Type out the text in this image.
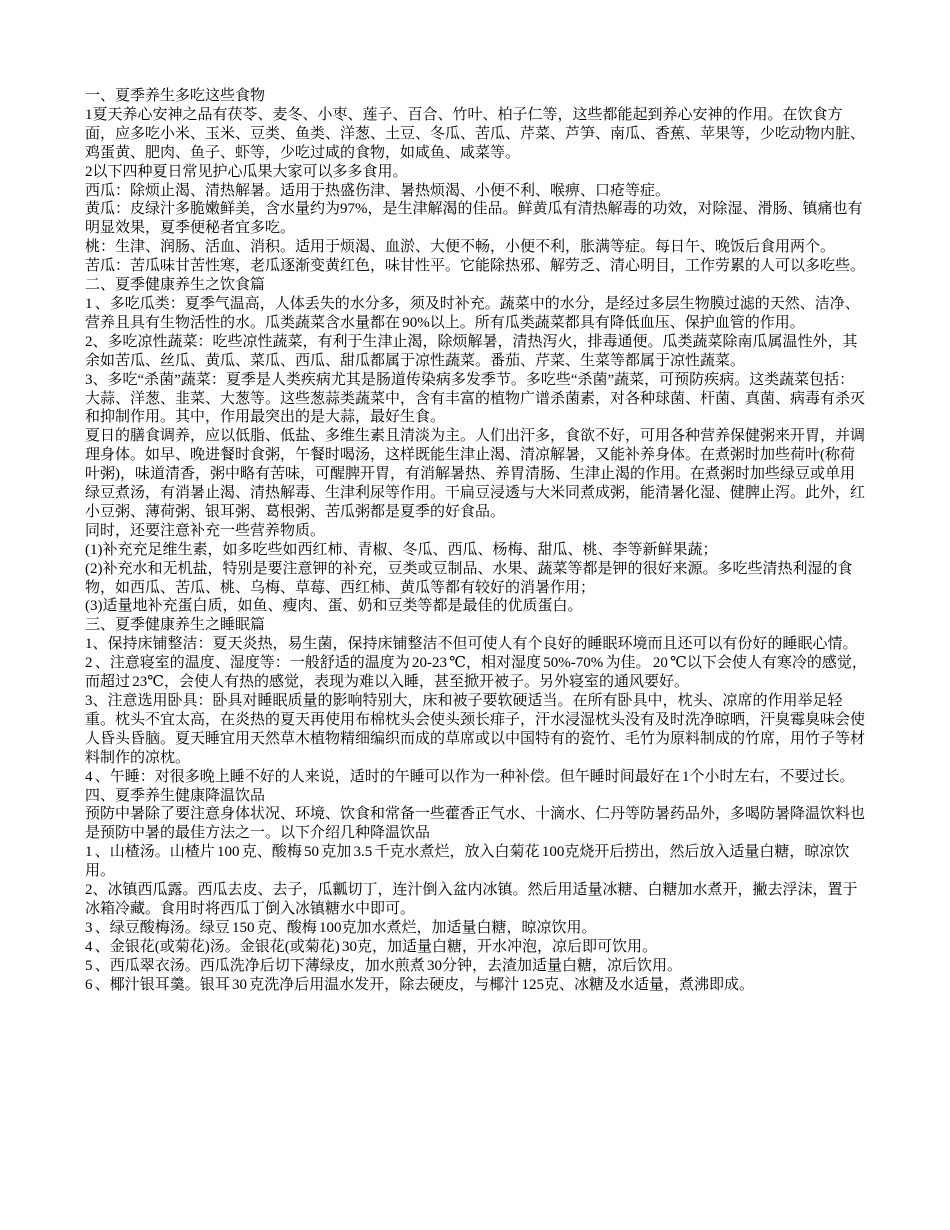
一、夏季养生多吃这些食物

1夏天养心安神之品有茯苓、麦冬、小枣、莲子、百合、竹叶、柏子仁等，这些都能起到养心安神的作用。在饮食方面，应多吃小米、玉米、豆类、鱼类、洋葱、土豆、冬瓜、苦瓜、芹菜、芦笋、南瓜、香蕉、苹果等，少吃动物内脏、鸡蛋黄、肥肉、鱼子、虾等，少吃过咸的食物，如咸鱼、咸菜等。

2以下四种夏日常见护心瓜果大家可以多多食用。

西瓜：除烦止渴、清热解暑。适用于热盛伤津、暑热烦渴、小便不利、喉痹、口疮等症。

黄瓜：皮绿汁多脆嫩鲜美，含水量约为97%，是生津解渴的佳品。鲜黄瓜有清热解毒的功效，对除湿、滑肠、镇痛也有明显效果，夏季便秘者宜多吃。

桃：生津、润肠、活血、消积。适用于烦渴、血淤、大便不畅，小便不利，胀满等症。每日午、晚饭后食用两个。

苦瓜：苦瓜味甘苦性寒，老瓜逐渐变黄红色，味甘性平。它能除热邪、解劳乏、清心明目，工作劳累的人可以多吃些。

二、夏季健康养生之饮食篇

1 、多吃瓜类：夏季气温高，人体丢失的水分多，须及时补充。蔬菜中的水分，是经过多层生物膜过滤的天然、洁净、营养且具有生物活性的水。瓜类蔬菜含水量都在 90%以上。所有瓜类蔬菜都具有降低血压、保护血管的作用。

2、多吃凉性蔬菜：吃些凉性蔬菜，有利于生津止渴，除烦解暑，清热泻火，排毒通便。瓜类蔬菜除南瓜属温性外，其余如苦瓜、丝瓜、黄瓜、菜瓜、西瓜、甜瓜都属于凉性蔬菜。番茄、芹菜、生菜等都属于凉性蔬菜。

3、多吃“杀菌”蔬菜：夏季是人类疾病尤其是肠道传染病多发季节。多吃些“杀菌”蔬菜，可预防疾病。这类蔬菜包括：大蒜、洋葱、韭菜、大葱等。这些葱蒜类蔬菜中，含有丰富的植物广谱杀菌素，对各种球菌、杆菌、真菌、病毒有杀灭和抑制作用。其中，作用最突出的是大蒜，最好生食。

夏日的膳食调养，应以低脂、低盐、多维生素且清淡为主。人们出汗多，食欲不好，可用各种营养保健粥来开胃，并调理身体。如早、晚进餐时食粥，午餐时喝汤，这样既能生津止渴、清凉解暑，又能补养身体。在煮粥时加些荷叶(称荷叶粥)，味道清香，粥中略有苦味，可醒脾开胃，有消解暑热、养胃清肠、生津止渴的作用。在煮粥时加些绿豆或单用绿豆煮汤，有消暑止渴、清热解毒、生津利尿等作用。干扁豆浸透与大米同煮成粥，能清暑化湿、健脾止泻。此外，红小豆粥、薄荷粥、银耳粥、葛根粥、苦瓜粥都是夏季的好食品。

同时，还要注意补充一些营养物质。

(1)补充充足维生素，如多吃些如西红柿、青椒、冬瓜、西瓜、杨梅、甜瓜、桃、李等新鲜果蔬；

(2)补充水和无机盐，特别是要注意钾的补充，豆类或豆制品、水果、蔬菜等都是钾的很好来源。多吃些清热利湿的食物，如西瓜、苦瓜、桃、乌梅、草莓、西红柿、黄瓜等都有较好的消暑作用；

(3)适量地补充蛋白质，如鱼、瘦肉、蛋、奶和豆类等都是最佳的优质蛋白。

三、夏季健康养生之睡眠篇

1、保持床铺整洁：夏天炎热，易生菌，保持床铺整洁不但可使人有个良好的睡眠环境而且还可以有份好的睡眠心情。

2 、注意寝室的温度、湿度等：一般舒适的温度为 20-23 ℃，相对湿度 50%-70% 为佳。 20 ℃以下会使人有寒冷的感觉，而超过 23℃，会使人有热的感觉，表现为难以入睡，甚至掀开被子。另外寝室的通风要好。

3、注意选用卧具：卧具对睡眠质量的影响特别大，床和被子要软硬适当。在所有卧具中，枕头、凉席的作用举足轻重。枕头不宜太高，在炎热的夏天再使用布棉枕头会使头颈长痱子，汗水浸湿枕头没有及时洗净晾晒，汗臭霉臭味会使人昏头昏脑。夏天睡宜用天然草木植物精细编织而成的草席或以中国特有的瓷竹、毛竹为原料制成的竹席，用竹子等材料制作的凉枕。

4 、午睡：对很多晚上睡不好的人来说，适时的午睡可以作为一种补偿。但午睡时间最好在 1个小时左右，不要过长。

四、夏季养生健康降温饮品

预防中暑除了要注意身体状况、环境、饮食和常备一些藿香正气水、十滴水、仁丹等防暑药品外，多喝防暑降温饮料也是预防中暑的最佳方法之一。以下介绍几种降温饮品

1 、山楂汤。山楂片 100 克、酸梅 50 克加 3.5 千克水煮烂，放入白菊花 100克烧开后捞出，然后放入适量白糖，晾凉饮用。

2、冰镇西瓜露。西瓜去皮、去子，瓜瓤切丁，连汁倒入盆内冰镇。然后用适量冰糖、白糖加水煮开，撇去浮沫，置于冰箱冷藏。食用时将西瓜丁倒入冰镇糖水中即可。

3 、绿豆酸梅汤。绿豆 150 克、酸梅 100克加水煮烂，加适量白糖，晾凉饮用。

4 、金银花(或菊花)汤。金银花(或菊花) 30克，加适量白糖，开水冲泡，凉后即可饮用。

5 、西瓜翠衣汤。西瓜洗净后切下薄绿皮，加水煎煮 30分钟，去渣加适量白糖，凉后饮用。

6 、椰汁银耳羹。银耳 30 克洗净后用温水发开，除去硬皮，与椰汁 125克、冰糖及水适量，煮沸即成。
